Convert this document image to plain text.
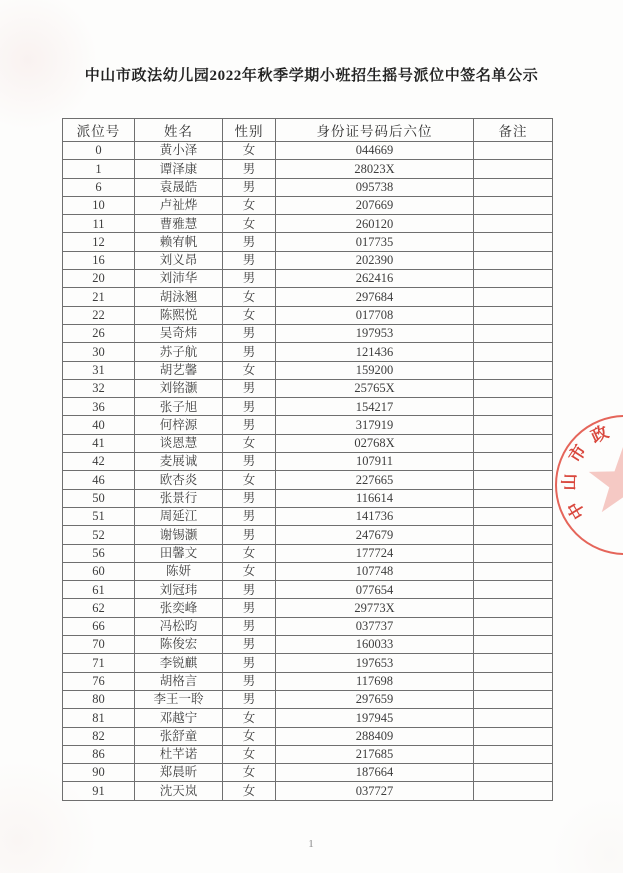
中山市政法幼儿园2022年秋季学期小班招生摇号派位中签名单公示
派位号	姓名	性别	身份证号码后六位	备注
0	黄小泽	女	044669	
1	谭泽康	男	28023X	
6	袁晟皓	男	095738	
10	卢祉烨	女	207669	
11	曹雅慧	女	260120	
12	赖宥帆	男	017735	
16	刘义昂	男	202390	
20	刘沛华	男	262416	
21	胡泳翘	女	297684	
22	陈熙悦	女	017708	
26	吴奇炜	男	197953	
30	苏子航	男	121436	
31	胡艺馨	女	159200	
32	刘铭灏	男	25765X	
36	张子旭	男	154217	
40	何梓源	男	317919	
41	谈恩慧	女	02768X	
42	麦展诚	男	107911	
46	欧杏炎	女	227665	
50	张景行	男	116614	
51	周延江	男	141736	
52	谢锡灏	男	247679	
56	田馨文	女	177724	
60	陈妍	女	107748	
61	刘冠玮	男	077654	
62	张奕峰	男	29773X	
66	冯松昀	男	037737	
70	陈俊宏	男	160033	
71	李锐麒	男	197653	
76	胡格言	男	117698	
80	李王一聆	男	297659	
81	邓越宁	女	197945	
82	张舒童	女	288409	
86	杜芊诺	女	217685	
90	郑晨昕	女	187664	
91	沈天岚	女	037727	
中
山
市
政
1
